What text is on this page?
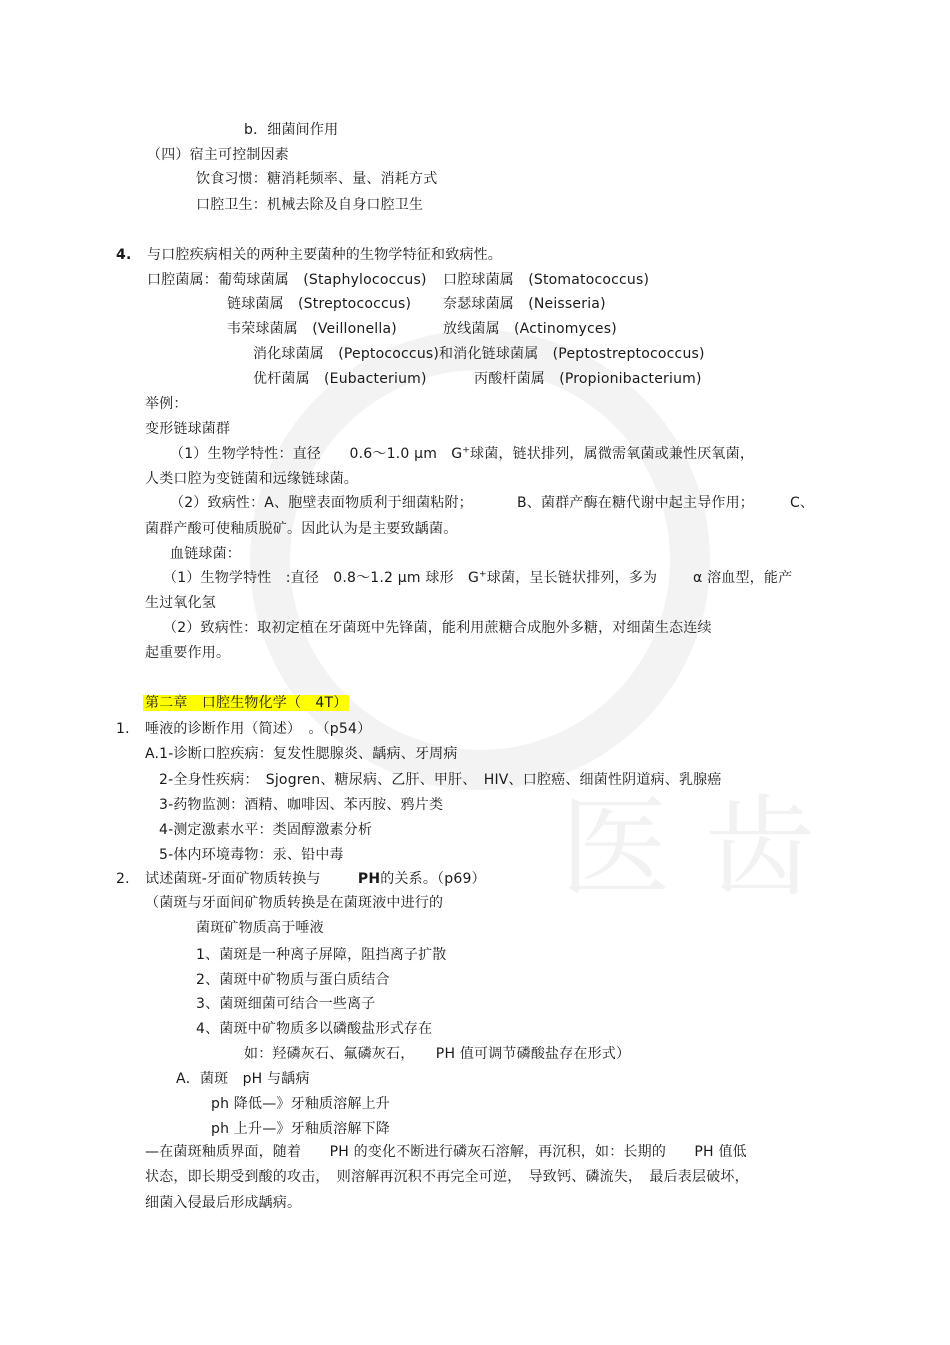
医 齿
b．细菌间作用
（四）宿主可控制因素
饮食习惯：糖消耗频率、量、消耗方式
口腔卫生：机械去除及自身口腔卫生
4. 与口腔疾病相关的两种主要菌种的生物学特征和致病性。
口腔菌属：葡萄球菌属　(Staphylococcus) 口腔球菌属　(Stomatococcus)
链球菌属　(Streptococcus) 奈瑟球菌属　(Neisseria)
韦荣球菌属　(Veillonella)	放线菌属　(Actinomyces)
消化球菌属　(Peptococcus)和消化链球菌属　(Peptostreptococcus)
优杆菌属　(Eubacterium)	丙酸杆菌属　(Propionibacterium)
举例：
变形链球菌群
（1）生物学特性：直径　　0.6～1.0 μm　G+球菌，链状排列，属微需氧菌或兼性厌氧菌，
人类口腔为变链菌和远缘链球菌。
（2）致病性：A、胞壁表面物质利于细菌粘附；	B、菌群产酶在糖代谢中起主导作用；	C、
菌群产酸可使釉质脱矿。因此认为是主要致龋菌。
血链球菌：
（1）生物学特性　:直径　0.8～1.2 μm 球形　G+球菌，呈长链状排列，多为	α 溶血型，能产
生过氧化氢
（2）致病性：取初定植在牙菌斑中先锋菌，能利用蔗糖合成胞外多糖，对细菌生态连续
起重要作用。
第二章　口腔生物化学（　4T）
1. 唾液的诊断作用（简述）　。（p54）
A.1-诊断口腔疾病：复发性腮腺炎、龋病、牙周病
2-全身性疾病：　Sjogren、糖尿病、乙肝、甲肝、　HIV、口腔癌、细菌性阴道病、乳腺癌
3-药物监测：酒精、咖啡因、苯丙胺、鸦片类
4-测定激素水平：类固醇激素分析
5-体内环境毒物：汞、铅中毒
2. 试述菌斑-牙面矿物质转换与	PH的关系。（p69）
（菌斑与牙面间矿物质转换是在菌斑液中进行的
菌斑矿物质高于唾液
1、菌斑是一种离子屏障，阻挡离子扩散
2、菌斑中矿物质与蛋白质结合
3、菌斑细菌可结合一些离子
4、菌斑中矿物质多以磷酸盐形式存在
如：羟磷灰石、氟磷灰石，　　PH 值可调节磷酸盐存在形式）
A．菌斑　pH 与龋病
ph 降低—》牙釉质溶解上升
ph 上升—》牙釉质溶解下降
—在菌斑釉质界面，随着　　PH 的变化不断进行磷灰石溶解，再沉积，如：长期的　　PH 值低
状态，即长期受到酸的攻击，　则溶解再沉积不再完全可逆，　导致钙、磷流失，　最后表层破坏，
细菌入侵最后形成龋病。
